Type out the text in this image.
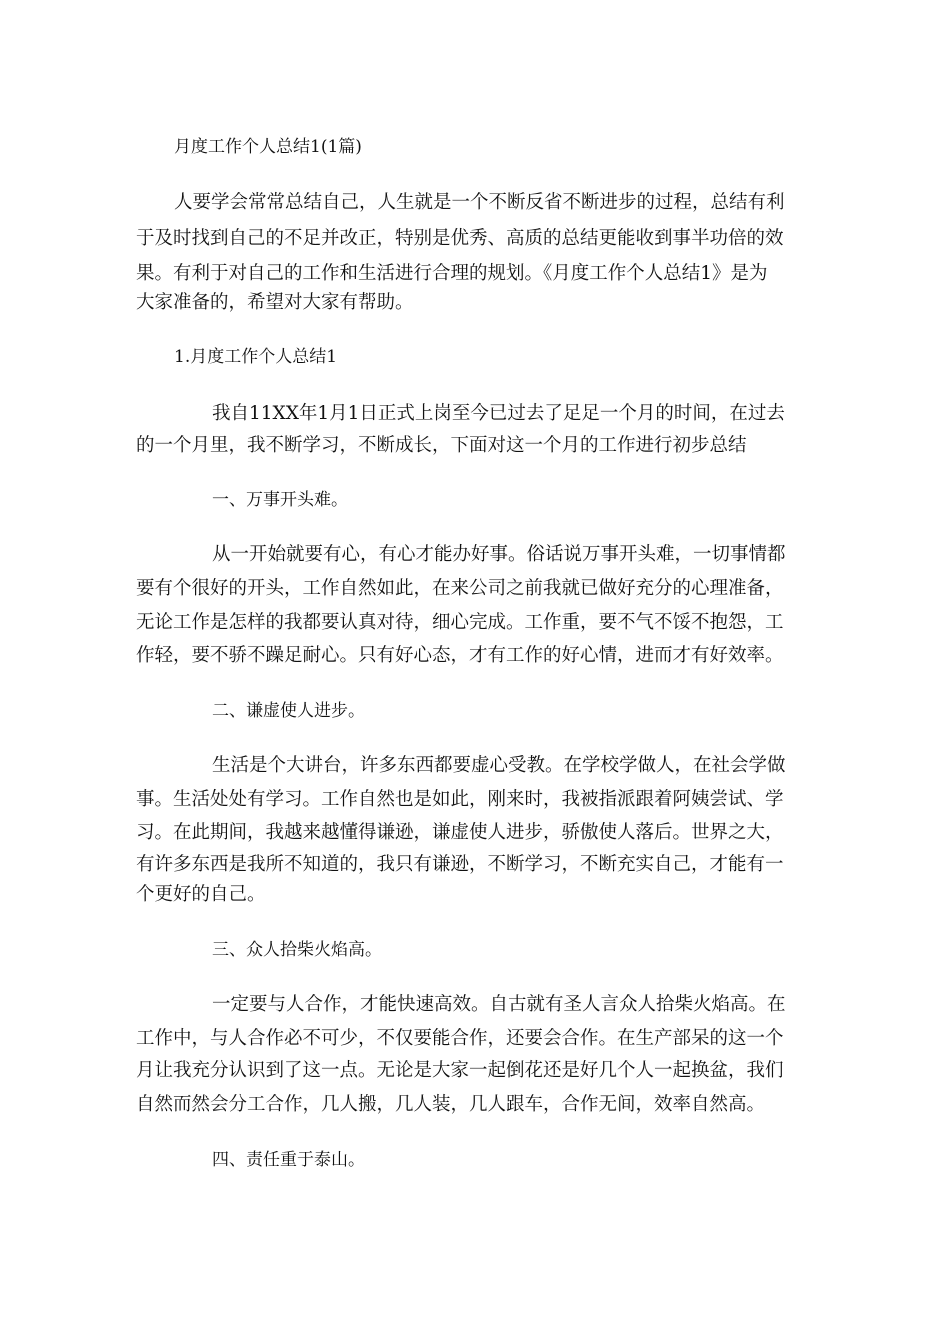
月度工作个人总结1(1篇)
人要学会常常总结自己，人生就是一个不断反省不断进步的过程，总结有利
于及时找到自己的不足并改正，特别是优秀、高质的总结更能收到事半功倍的效
果。有利于对自己的工作和生活进行合理的规划。《月度工作个人总结1》是为
大家准备的，希望对大家有帮助。
1.月度工作个人总结1
我自11XX年1月1日正式上岗至今已过去了足足一个月的时间，在过去
的一个月里，我不断学习，不断成长，下面对这一个月的工作进行初步总结
一、万事开头难。
从一开始就要有心，有心才能办好事。俗话说万事开头难，一切事情都
要有个很好的开头，工作自然如此，在来公司之前我就已做好充分的心理准备，
无论工作是怎样的我都要认真对待，细心完成。工作重，要不气不馁不抱怨，工
作轻，要不骄不躁足耐心。只有好心态，才有工作的好心情，进而才有好效率。
二、谦虚使人进步。
生活是个大讲台，许多东西都要虚心受教。在学校学做人，在社会学做
事。生活处处有学习。工作自然也是如此，刚来时，我被指派跟着阿姨尝试、学
习。在此期间，我越来越懂得谦逊，谦虚使人进步，骄傲使人落后。世界之大，
有许多东西是我所不知道的，我只有谦逊，不断学习，不断充实自己，才能有一
个更好的自己。
三、众人拾柴火焰高。
一定要与人合作，才能快速高效。自古就有圣人言众人拾柴火焰高。在
工作中，与人合作必不可少，不仅要能合作，还要会合作。在生产部呆的这一个
月让我充分认识到了这一点。无论是大家一起倒花还是好几个人一起换盆，我们
自然而然会分工合作，几人搬，几人装，几人跟车，合作无间，效率自然高。
四、责任重于泰山。
